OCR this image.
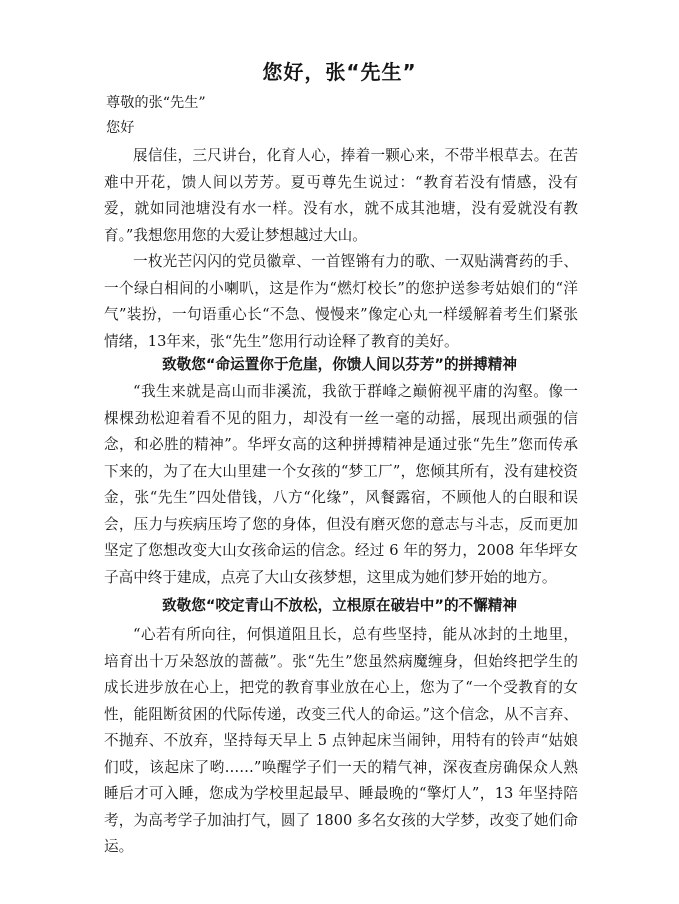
您好，张“先生”
尊敬的张“先生”
您好

展信佳，三尺讲台，化育人心，捧着一颗心来，不带半根草去。在苦难中开花，馈人间以芳芳。夏丏尊先生说过：“教育若没有情感，没有爱，就如同池塘没有水一样。没有水，就不成其池塘，没有爱就没有教育。”我想您用您的大爱让梦想越过大山。

一枚光芒闪闪的党员徽章、一首铿锵有力的歌、一双贴满膏药的手、一个绿白相间的小喇叭，这是作为“燃灯校长”的您护送参考姑娘们的“洋气”装扮，一句语重心长“不急、慢慢来”像定心丸一样缓解着考生们紧张情绪，13年来，张“先生”您用行动诠释了教育的美好。

致敬您“命运置你于危崖，你馈人间以芬芳”的拼搏精神

“我生来就是高山而非溪流，我欲于群峰之巅俯视平庸的沟壑。像一棵棵劲松迎着看不见的阻力，却没有一丝一毫的动摇，展现出顽强的信念，和必胜的精神”。华坪女高的这种拼搏精神是通过张“先生”您而传承下来的，为了在大山里建一个女孩的“梦工厂”，您倾其所有，没有建校资金，张“先生”四处借钱，八方“化缘”，风餐露宿，不顾他人的白眼和误会，压力与疾病压垮了您的身体，但没有磨灭您的意志与斗志，反而更加坚定了您想改变大山女孩命运的信念。经过 6 年的努力，2008 年华坪女子高中终于建成，点亮了大山女孩梦想，这里成为她们梦开始的地方。

致敬您“咬定青山不放松，立根原在破岩中”的不懈精神

“心若有所向往，何惧道阻且长，总有些坚持，能从冰封的土地里，培育出十万朵怒放的蔷薇”。张“先生”您虽然病魔缠身，但始终把学生的成长进步放在心上，把党的教育事业放在心上，您为了“一个受教育的女性，能阻断贫困的代际传递，改变三代人的命运。”这个信念，从不言弃、不抛弃、不放弃，坚持每天早上 5 点钟起床当闹钟，用特有的铃声“姑娘们哎，该起床了哟……”唤醒学子们一天的精气神，深夜查房确保众人熟睡后才可入睡，您成为学校里起最早、睡最晚的“擎灯人”，13 年坚持陪考，为高考学子加油打气，圆了 1800 多名女孩的大学梦，改变了她们命运。
